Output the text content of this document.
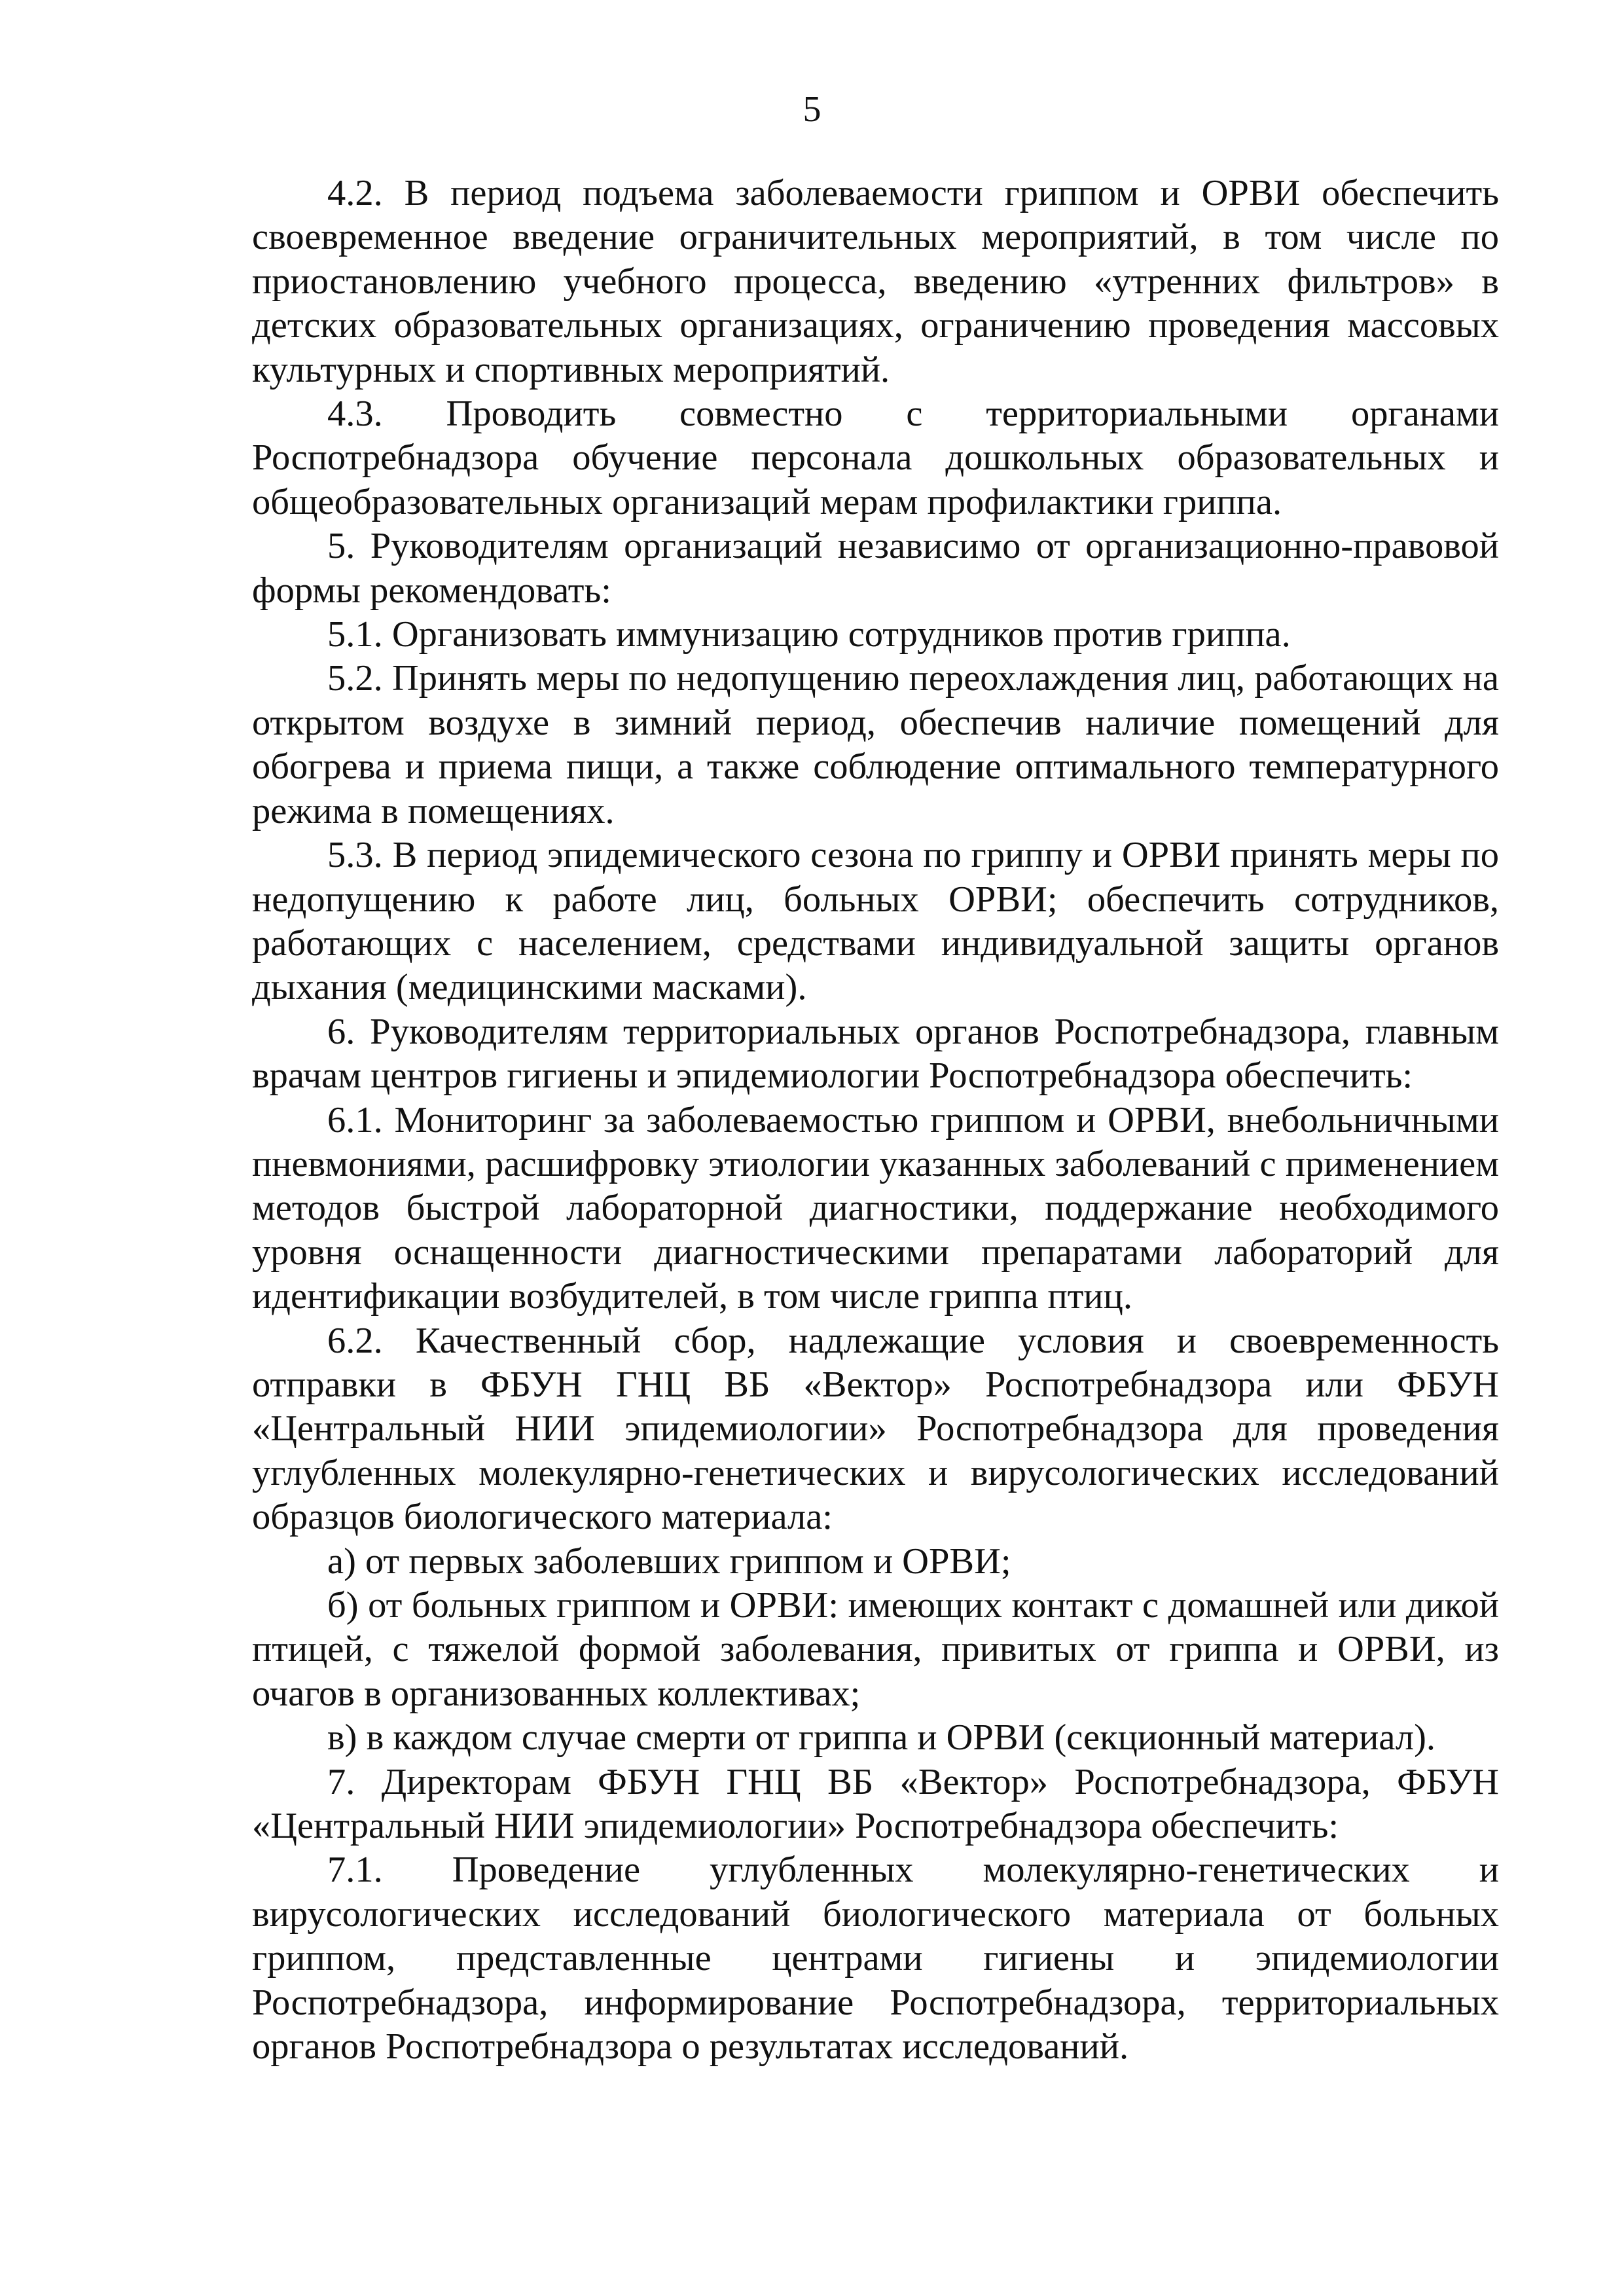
5

4.2. В период подъема заболеваемости гриппом и ОРВИ обеспечить своевременное введение ограничительных мероприятий, в том числе по приостановлению учебного процесса, введению «утренних фильтров» в детских образовательных организациях, ограничению проведения массовых культурных и спортивных мероприятий.

4.3. Проводить совместно с территориальными органами Роспотребнадзора обучение персонала дошкольных образовательных и общеобразовательных организаций мерам профилактики гриппа.

5. Руководителям организаций независимо от организационно-правовой формы рекомендовать:

5.1. Организовать иммунизацию сотрудников против гриппа.

5.2. Принять меры по недопущению переохлаждения лиц, работающих на открытом воздухе в зимний период, обеспечив наличие помещений для обогрева и приема пищи, а также соблюдение оптимального температурного режима в помещениях.

5.3. В период эпидемического сезона по гриппу и ОРВИ принять меры по недопущению к работе лиц, больных ОРВИ; обеспечить сотрудников, работающих с населением, средствами индивидуальной защиты органов дыхания (медицинскими масками).

6. Руководителям территориальных органов Роспотребнадзора, главным врачам центров гигиены и эпидемиологии Роспотребнадзора обеспечить:

6.1. Мониторинг за заболеваемостью гриппом и ОРВИ, внебольничными пневмониями, расшифровку этиологии указанных заболеваний с применением методов быстрой лабораторной диагностики, поддержание необходимого уровня оснащенности диагностическими препаратами лабораторий для идентификации возбудителей, в том числе гриппа птиц.

6.2. Качественный сбор, надлежащие условия и своевременность отправки в ФБУН ГНЦ ВБ «Вектор» Роспотребнадзора или ФБУН «Центральный НИИ эпидемиологии» Роспотребнадзора для проведения углубленных молекулярно-генетических и вирусологических исследований образцов биологического материала:

а) от первых заболевших гриппом и ОРВИ;

б) от больных гриппом и ОРВИ: имеющих контакт с домашней или дикой птицей, с тяжелой формой заболевания, привитых от гриппа и ОРВИ, из очагов в организованных коллективах;

в) в каждом случае смерти от гриппа и ОРВИ (секционный материал).

7. Директорам ФБУН ГНЦ ВБ «Вектор» Роспотребнадзора, ФБУН «Центральный НИИ эпидемиологии» Роспотребнадзора обеспечить:

7.1. Проведение углубленных молекулярно-генетических и вирусологических исследований биологического материала от больных гриппом, представленные центрами гигиены и эпидемиологии Роспотребнадзора, информирование Роспотребнадзора, территориальных органов Роспотребнадзора о результатах исследований.
